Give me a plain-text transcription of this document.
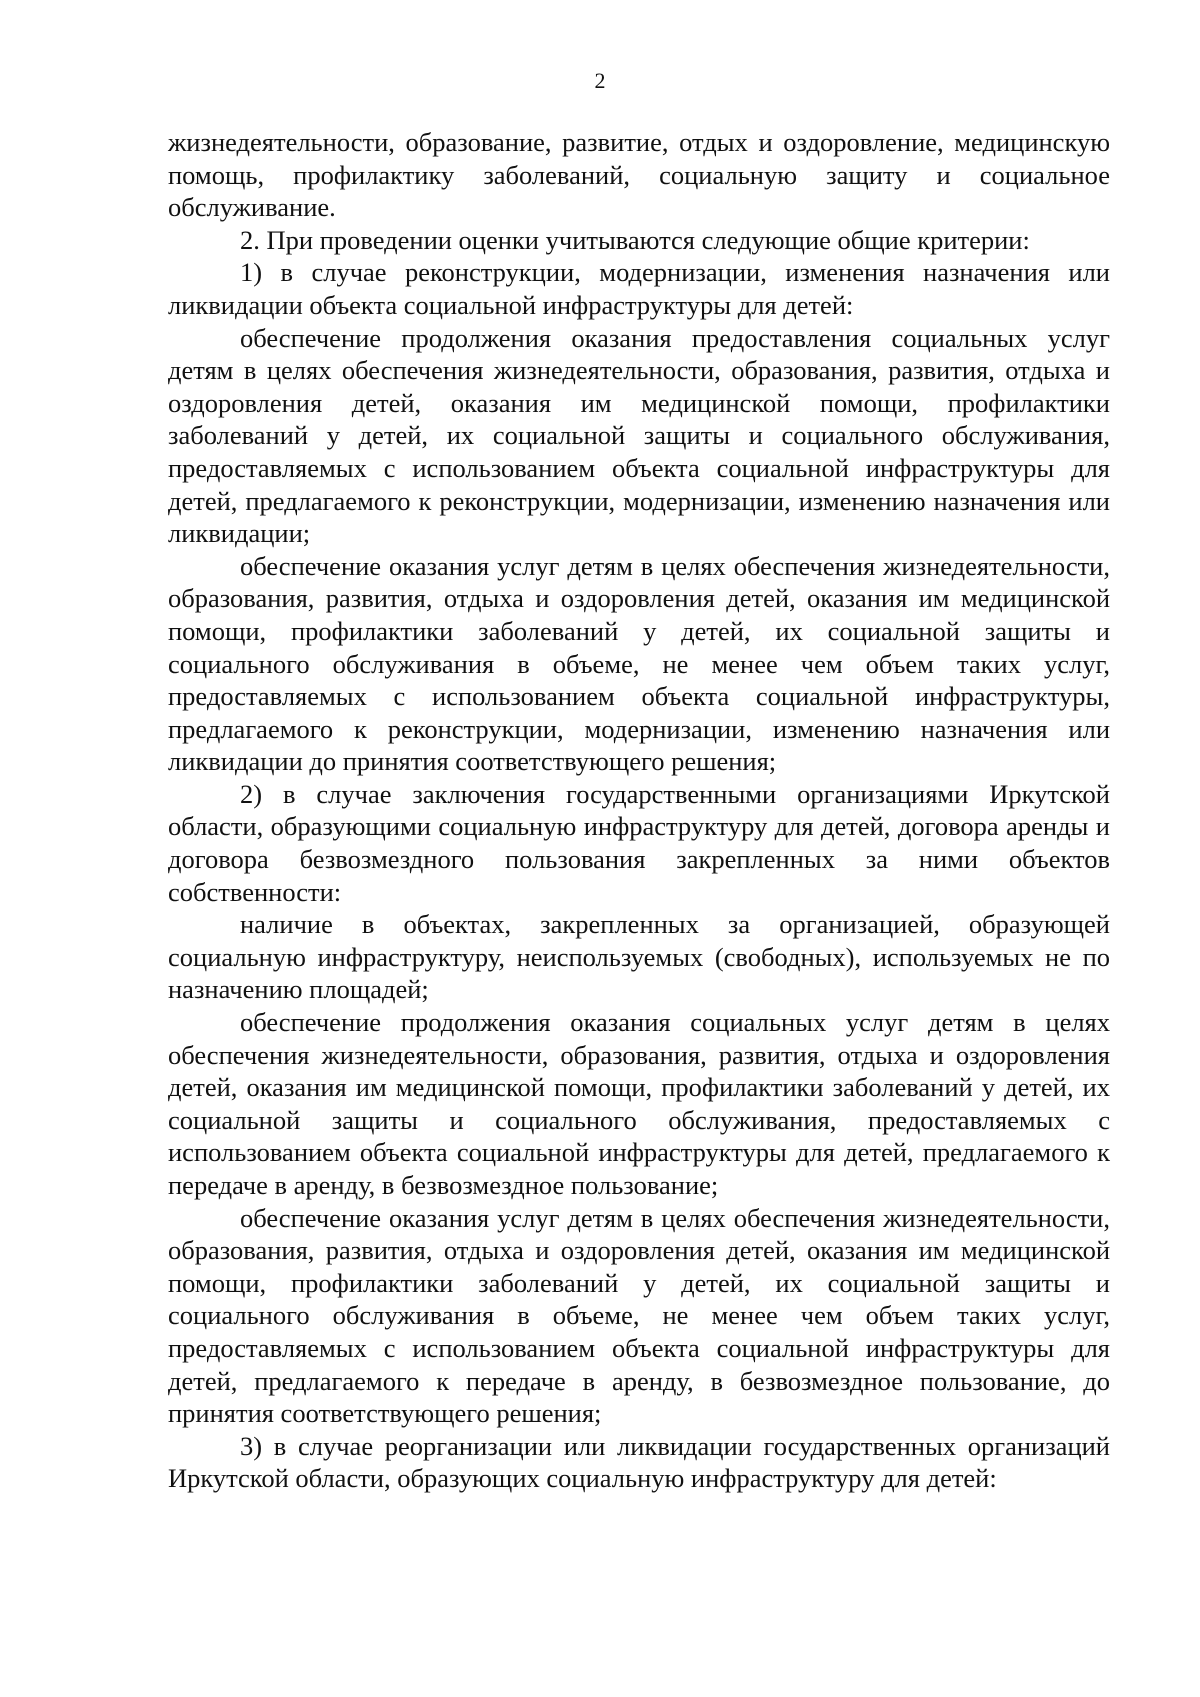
2

жизнедеятельности, образование, развитие, отдых и оздоровление, медицинскую помощь, профилактику заболеваний, социальную защиту и социальное обслуживание.

2. При проведении оценки учитываются следующие общие критерии:

1) в случае реконструкции, модернизации, изменения назначения или ликвидации объекта социальной инфраструктуры для детей:

обеспечение продолжения оказания предоставления социальных услуг детям в целях обеспечения жизнедеятельности, образования, развития, отдыха и оздоровления детей, оказания им медицинской помощи, профилактики заболеваний у детей, их социальной защиты и социального обслуживания, предоставляемых с использованием объекта социальной инфраструктуры для детей, предлагаемого к реконструкции, модернизации, изменению назначения или ликвидации;

обеспечение оказания услуг детям в целях обеспечения жизнедеятельности, образования, развития, отдыха и оздоровления детей, оказания им медицинской помощи, профилактики заболеваний у детей, их социальной защиты и социального обслуживания в объеме, не менее чем объем таких услуг, предоставляемых с использованием объекта социальной инфраструктуры, предлагаемого к реконструкции, модернизации, изменению назначения или ликвидации до принятия соответствующего решения;

2) в случае заключения государственными организациями Иркутской области, образующими социальную инфраструктуру для детей, договора аренды и договора безвозмездного пользования закрепленных за ними объектов собственности:

наличие в объектах, закрепленных за организацией, образующей социальную инфраструктуру, неиспользуемых (свободных), используемых не по назначению площадей;

обеспечение продолжения оказания социальных услуг детям в целях обеспечения жизнедеятельности, образования, развития, отдыха и оздоровления детей, оказания им медицинской помощи, профилактики заболеваний у детей, их социальной защиты и социального обслуживания, предоставляемых с использованием объекта социальной инфраструктуры для детей, предлагаемого к передаче в аренду, в безвозмездное пользование;

обеспечение оказания услуг детям в целях обеспечения жизнедеятельности, образования, развития, отдыха и оздоровления детей, оказания им медицинской помощи, профилактики заболеваний у детей, их социальной защиты и социального обслуживания в объеме, не менее чем объем таких услуг, предоставляемых с использованием объекта социальной инфраструктуры для детей, предлагаемого к передаче в аренду, в безвозмездное пользование, до принятия соответствующего решения;

3) в случае реорганизации или ликвидации государственных организаций Иркутской области, образующих социальную инфраструктуру для детей:
